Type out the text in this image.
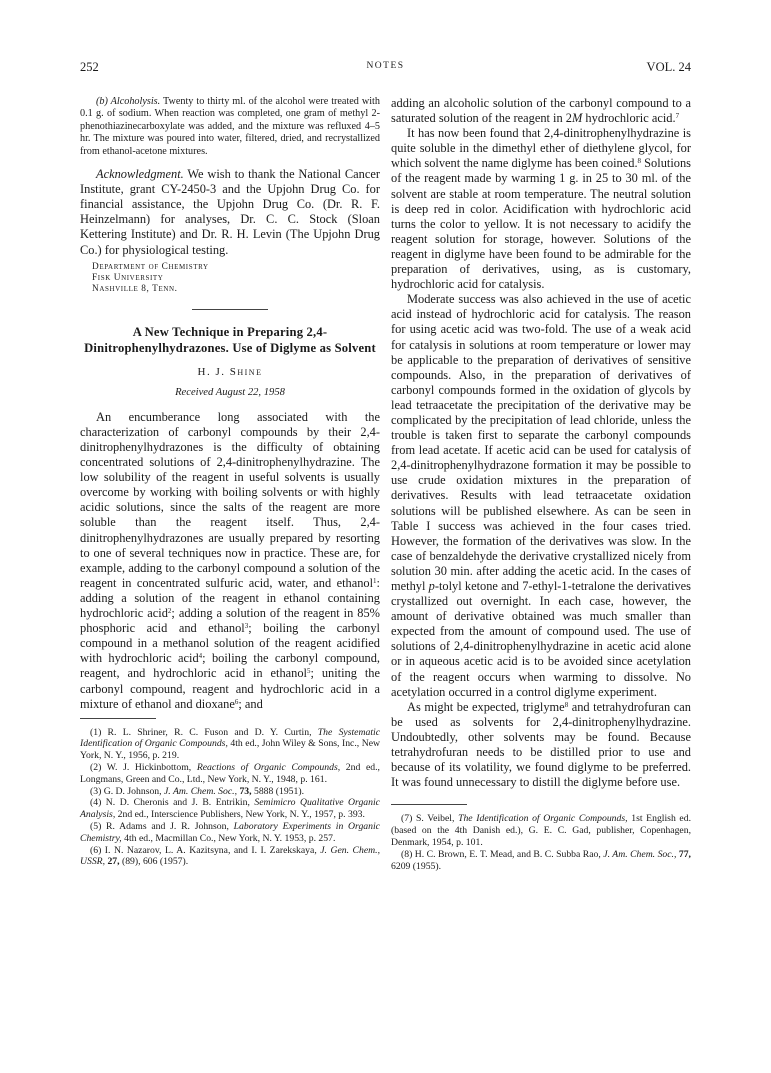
252	NOTES	VOL. 24

(b) Alcoholysis. Twenty to thirty ml. of the alcohol were treated with 0.1 g. of sodium. When reaction was completed, one gram of methyl 2-phenothiazinecarboxylate was added, and the mixture was refluxed 4–5 hr. The mixture was poured into water, filtered, dried, and recrystallized from ethanol-acetone mixtures.

Acknowledgment. We wish to thank the National Cancer Institute, grant CY-2450-3 and the Upjohn Drug Co. for financial assistance, the Upjohn Drug Co. (Dr. R. F. Heinzelmann) for analyses, Dr. C. C. Stock (Sloan Kettering Institute) and Dr. R. H. Levin (The Upjohn Drug Co.) for physiological testing.

Department of Chemistry
Fisk University
Nashville 8, Tenn.
A New Technique in Preparing 2,4-Dinitrophenylhydrazones. Use of Diglyme as Solvent
H. J. Shine
Received August 22, 1958

An encumberance long associated with the characterization of carbonyl compounds by their 2,4-dinitrophenylhydrazones is the difficulty of obtaining concentrated solutions of 2,4-dinitrophenylhydrazine. The low solubility of the reagent in useful solvents is usually overcome by working with boiling solvents or with highly acidic solutions, since the salts of the reagent are more soluble than the reagent itself. Thus, 2,4-dinitrophenylhydrazones are usually prepared by resorting to one of several techniques now in practice. These are, for example, adding to the carbonyl compound a solution of the reagent in concentrated sulfuric acid, water, and ethanol$^1$: adding a solution of the reagent in ethanol containing hydrochloric acid$^2$; adding a solution of the reagent in 85% phosphoric acid and ethanol$^3$; boiling the carbonyl compound in a methanol solution of the reagent acidified with hydrochloric acid$^4$; boiling the carbonyl compound, reagent, and hydrochloric acid in ethanol$^5$; uniting the carbonyl compound, reagent and hydrochloric acid in a mixture of ethanol and dioxane$^6$; and

(1) R. L. Shriner, R. C. Fuson and D. Y. Curtin, The Systematic Identification of Organic Compounds, 4th ed., John Wiley & Sons, Inc., New York, N. Y., 1956, p. 219.

(2) W. J. Hickinbottom, Reactions of Organic Compounds, 2nd ed., Longmans, Green and Co., Ltd., New York, N. Y., 1948, p. 161.

(3) G. D. Johnson, J. Am. Chem. Soc., 73, 5888 (1951).

(4) N. D. Cheronis and J. B. Entrikin, Semimicro Qualitative Organic Analysis, 2nd ed., Interscience Publishers, New York, N. Y., 1957, p. 393.

(5) R. Adams and J. R. Johnson, Laboratory Experiments in Organic Chemistry, 4th ed., Macmillan Co., New York, N. Y. 1953, p. 257.

(6) I. N. Nazarov, L. A. Kazitsyna, and I. I. Zarekskaya, J. Gen. Chem., USSR, 27, (89), 606 (1957).

adding an alcoholic solution of the carbonyl compound to a saturated solution of the reagent in 2M hydrochloric acid.$^7$

It has now been found that 2,4-dinitrophenylhydrazine is quite soluble in the dimethyl ether of diethylene glycol, for which solvent the name diglyme has been coined.$^8$ Solutions of the reagent made by warming 1 g. in 25 to 30 ml. of the solvent are stable at room temperature. The neutral solution is deep red in color. Acidification with hydrochloric acid turns the color to yellow. It is not necessary to acidify the reagent solution for storage, however. Solutions of the reagent in diglyme have been found to be admirable for the preparation of derivatives, using, as is customary, hydrochloric acid for catalysis.

Moderate success was also achieved in the use of acetic acid instead of hydrochloric acid for catalysis. The reason for using acetic acid was two-fold. The use of a weak acid for catalysis in solutions at room temperature or lower may be applicable to the preparation of derivatives of sensitive compounds. Also, in the preparation of derivatives of carbonyl compounds formed in the oxidation of glycols by lead tetraacetate the precipitation of the derivative may be complicated by the precipitation of lead chloride, unless the trouble is taken first to separate the carbonyl compounds from lead acetate. If acetic acid can be used for catalysis of 2,4-dinitrophenylhydrazone formation it may be possible to use crude oxidation mixtures in the preparation of derivatives. Results with lead tetraacetate oxidation solutions will be published elsewhere. As can be seen in Table I success was achieved in the four cases tried. However, the formation of the derivatives was slow. In the case of benzaldehyde the derivative crystallized nicely from solution 30 min. after adding the acetic acid. In the cases of methyl p-tolyl ketone and 7-ethyl-1-tetralone the derivatives crystallized out overnight. In each case, however, the amount of derivative obtained was much smaller than expected from the amount of compound used. The use of solutions of 2,4-dinitrophenylhydrazine in acetic acid alone or in aqueous acetic acid is to be avoided since acetylation of the reagent occurs when warming to dissolve. No acetylation occurred in a control diglyme experiment.

As might be expected, triglyme$^8$ and tetrahydrofuran can be used as solvents for 2,4-dinitrophenylhydrazine. Undoubtedly, other solvents may be found. Because tetrahydrofuran needs to be distilled prior to use and because of its volatility, we found diglyme to be preferred. It was found unnecessary to distill the diglyme before use.

(7) S. Veibel, The Identification of Organic Compounds, 1st English ed. (based on the 4th Danish ed.), G. E. C. Gad, publisher, Copenhagen, Denmark, 1954, p. 101.

(8) H. C. Brown, E. T. Mead, and B. C. Subba Rao, J. Am. Chem. Soc., 77, 6209 (1955).
